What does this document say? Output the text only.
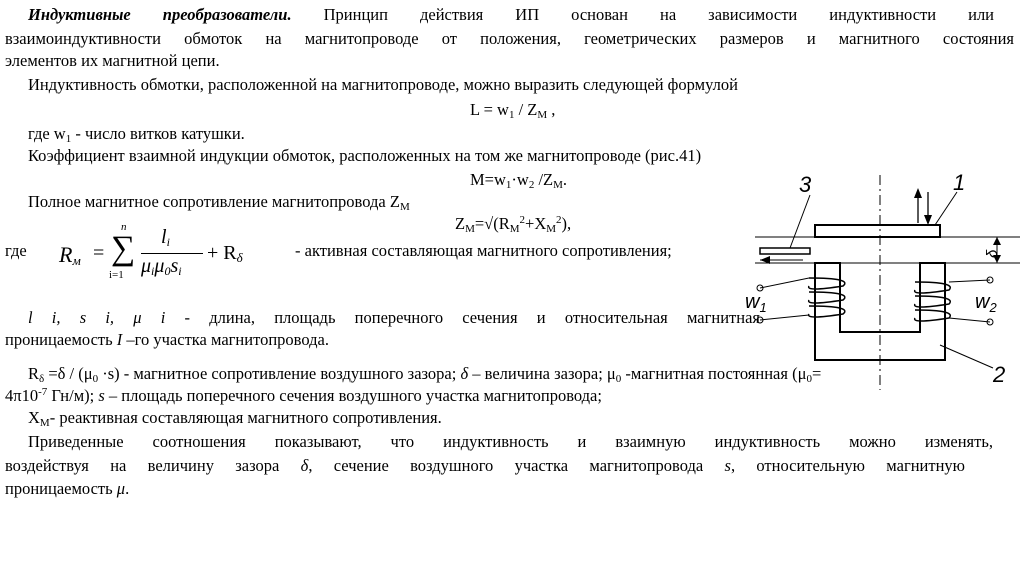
Индуктивные преобразователи. Принцип действия ИП основан на зависимости индуктивности или
взаимоиндуктивности обмоток на магнитопроводе от положения, геометрических размеров и магнитного состояния
элементов их магнитной цепи.
Индуктивность обмотки, расположенной на магнитопроводе, можно выразить следующей формулой
$L = w_1 / Z_M$ ,
где $w_1$ - число витков катушки.
Коэффициент взаимной индукции обмоток, расположенных на том же магнитопроводе (рис.41)
$M=w_1\cdot w_2$ $/Z_M$.
Полное магнитное сопротивление магнитопровода $Z_M$
$Z_M=√(R_M^2+X_M^2)$,
где $R_м$ =
n
∑
i=1
$l_i$
$\mu_i\mu_0s_i$
+ $R_\delta$	- активная составляющая магнитного сопротивления;
l i, s i, μ i - длина, площадь поперечного сечения и относительная магнитная
проницаемость I –го участка магнитопровода.
$R_\delta =\delta / (\mu_0 \cdot s)$ - магнитное сопротивление воздушного зазора; δ – величина зазора; $\mu_0$ -магнитная постоянная ($\mu_0=$
$4\pi 10^{-7}$ Гн/м); s – площадь поперечного сечения воздушного участка магнитопровода;
$X_M-$ реактивная составляющая магнитного сопротивления.
Приведенные соотношения показывают, что индуктивность и взаимную индуктивность можно изменять,
воздействуя на величину зазора δ, сечение воздушного участка магнитопровода s, относительную магнитную
проницаемость μ.
1
δ
3
$w_1$	$w_2$
2
